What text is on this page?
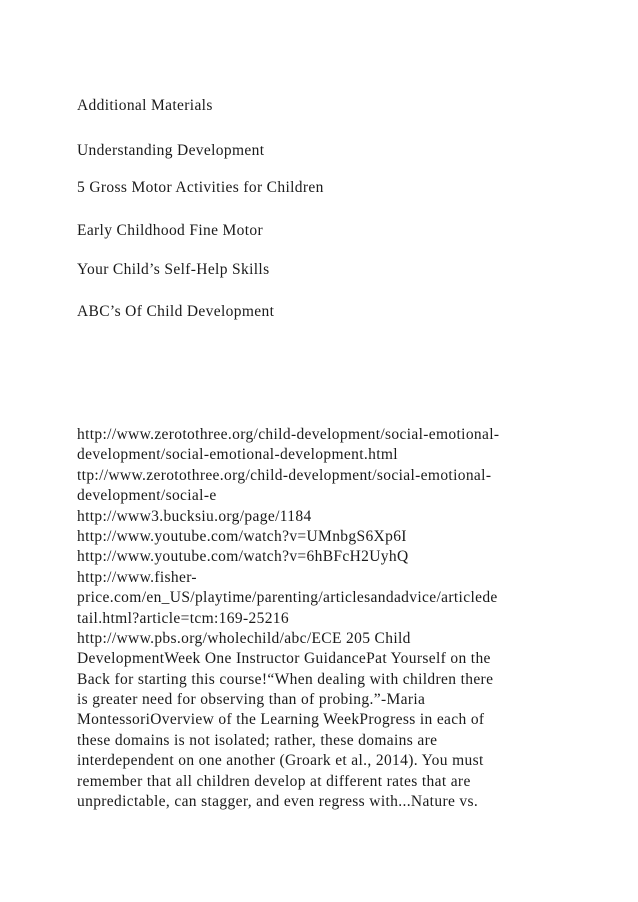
Additional Materials
Understanding Development
5 Gross Motor Activities for Children
Early Childhood Fine Motor
Your Child’s Self-Help Skills
ABC’s Of Child Development
http://www.zerotothree.org/child-development/social-emotional-
development/social-emotional-development.html
ttp://www.zerotothree.org/child-development/social-emotional-
development/social-e
http://www3.bucksiu.org/page/1184
http://www.youtube.com/watch?v=UMnbgS6Xp6I
http://www.youtube.com/watch?v=6hBFcH2UyhQ
http://www.fisher-
price.com/en_US/playtime/parenting/articlesandadvice/articlede
tail.html?article=tcm:169-25216
http://www.pbs.org/wholechild/abc/ECE 205 Child
DevelopmentWeek One Instructor GuidancePat Yourself on the
Back for starting this course!“When dealing with children there
is greater need for observing than of probing.”-Maria
MontessoriOverview of the Learning WeekProgress in each of
these domains is not isolated; rather, these domains are
interdependent on one another (Groark et al., 2014). You must
remember that all children develop at different rates that are
unpredictable, can stagger, and even regress with...Nature vs.
